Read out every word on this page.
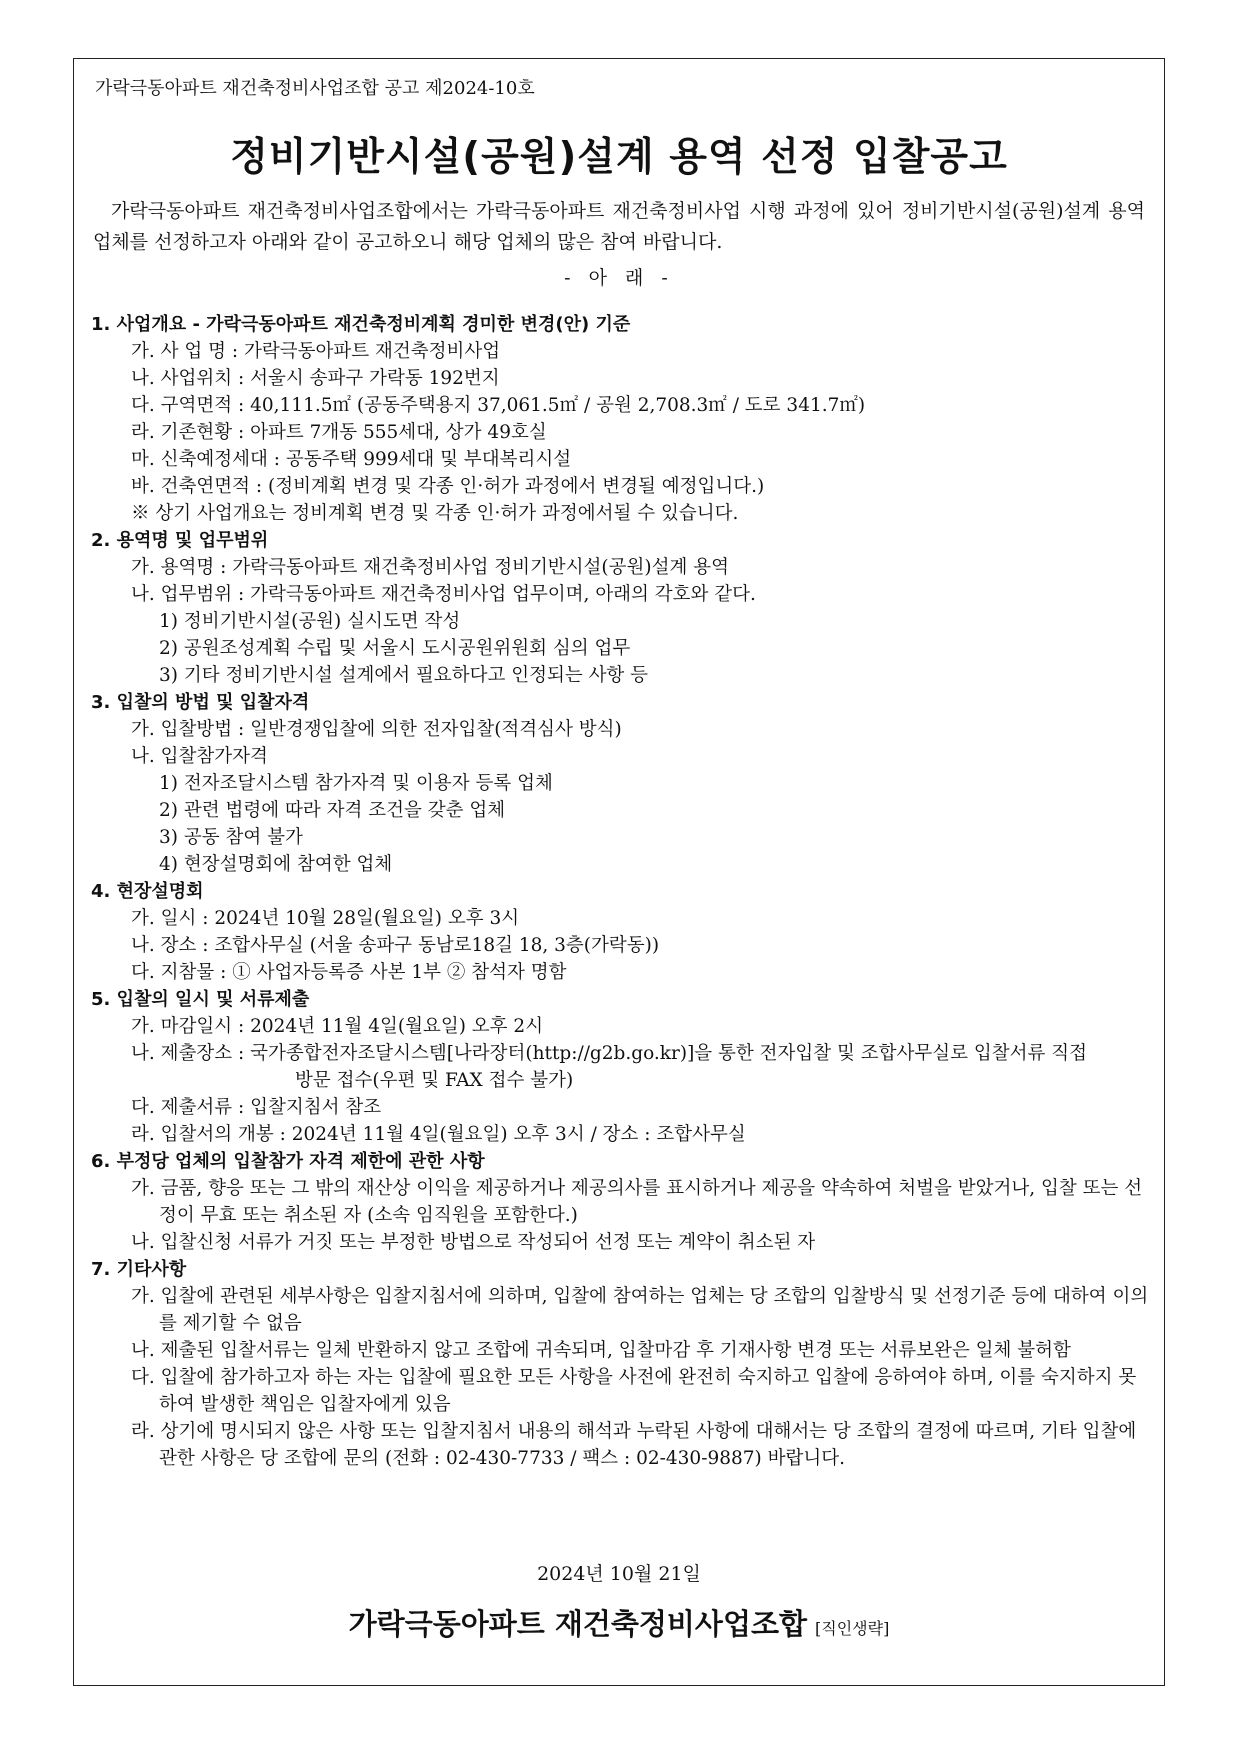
가락극동아파트 재건축정비사업조합 공고 제2024-10호
정비기반시설(공원)설계 용역 선정 입찰공고
가락극동아파트 재건축정비사업조합에서는 가락극동아파트 재건축정비사업 시행 과정에 있어 정비기반시설(공원)설계 용역업체를 선정하고자 아래와 같이 공고하오니 해당 업체의 많은 참여 바랍니다.
- 아 래 -
1. 사업개요 - 가락극동아파트 재건축정비계획 경미한 변경(안) 기준
가. 사 업 명 : 가락극동아파트 재건축정비사업
나. 사업위치 : 서울시 송파구 가락동 192번지
다. 구역면적 : 40,111.5㎡ (공동주택용지 37,061.5㎡ / 공원 2,708.3㎡ / 도로 341.7㎡)
라. 기존현황 : 아파트 7개동 555세대, 상가 49호실
마. 신축예정세대 : 공동주택 999세대 및 부대복리시설
바. 건축연면적 : (정비계획 변경 및 각종 인·허가 과정에서 변경될 예정입니다.)
※ 상기 사업개요는 정비계획 변경 및 각종 인·허가 과정에서될 수 있습니다.
2. 용역명 및 업무범위
가. 용역명 : 가락극동아파트 재건축정비사업 정비기반시설(공원)설계 용역
나. 업무범위 : 가락극동아파트 재건축정비사업 업무이며, 아래의 각호와 같다.
1) 정비기반시설(공원) 실시도면 작성
2) 공원조성계획 수립 및 서울시 도시공원위원회 심의 업무
3) 기타 정비기반시설 설계에서 필요하다고 인정되는 사항 등
3. 입찰의 방법 및 입찰자격
가. 입찰방법 : 일반경쟁입찰에 의한 전자입찰(적격심사 방식)
나. 입찰참가자격
1) 전자조달시스템 참가자격 및 이용자 등록 업체
2) 관련 법령에 따라 자격 조건을 갖춘 업체
3) 공동 참여 불가
4) 현장설명회에 참여한 업체
4. 현장설명회
가. 일시 : 2024년 10월 28일(월요일) 오후 3시
나. 장소 : 조합사무실 (서울 송파구 동남로18길 18, 3층(가락동))
다. 지참물 : ① 사업자등록증 사본 1부 ② 참석자 명함
5. 입찰의 일시 및 서류제출
가. 마감일시 : 2024년 11월 4일(월요일) 오후 2시
나. 제출장소 : 국가종합전자조달시스템[나라장터(http://g2b.go.kr)]을 통한 전자입찰 및 조합사무실로 입찰서류 직접
방문 접수(우편 및 FAX 접수 불가)
다. 제출서류 : 입찰지침서 참조
라. 입찰서의 개봉 : 2024년 11월 4일(월요일) 오후 3시 / 장소 : 조합사무실
6. 부정당 업체의 입찰참가 자격 제한에 관한 사항
가. 금품, 향응 또는 그 밖의 재산상 이익을 제공하거나 제공의사를 표시하거나 제공을 약속하여 처벌을 받았거나, 입찰 또는 선정이 무효 또는 취소된 자 (소속 임직원을 포함한다.)
나. 입찰신청 서류가 거짓 또는 부정한 방법으로 작성되어 선정 또는 계약이 취소된 자
7. 기타사항
가. 입찰에 관련된 세부사항은 입찰지침서에 의하며, 입찰에 참여하는 업체는 당 조합의 입찰방식 및 선정기준 등에 대하여 이의를 제기할 수 없음
나. 제출된 입찰서류는 일체 반환하지 않고 조합에 귀속되며, 입찰마감 후 기재사항 변경 또는 서류보완은 일체 불허함
다. 입찰에 참가하고자 하는 자는 입찰에 필요한 모든 사항을 사전에 완전히 숙지하고 입찰에 응하여야 하며, 이를 숙지하지 못하여 발생한 책임은 입찰자에게 있음
라. 상기에 명시되지 않은 사항 또는 입찰지침서 내용의 해석과 누락된 사항에 대해서는 당 조합의 결정에 따르며, 기타 입찰에 관한 사항은 당 조합에 문의 (전화 : 02-430-7733 / 팩스 : 02-430-9887) 바랍니다.
2024년 10월 21일
가락극동아파트 재건축정비사업조합 [직인생략]
